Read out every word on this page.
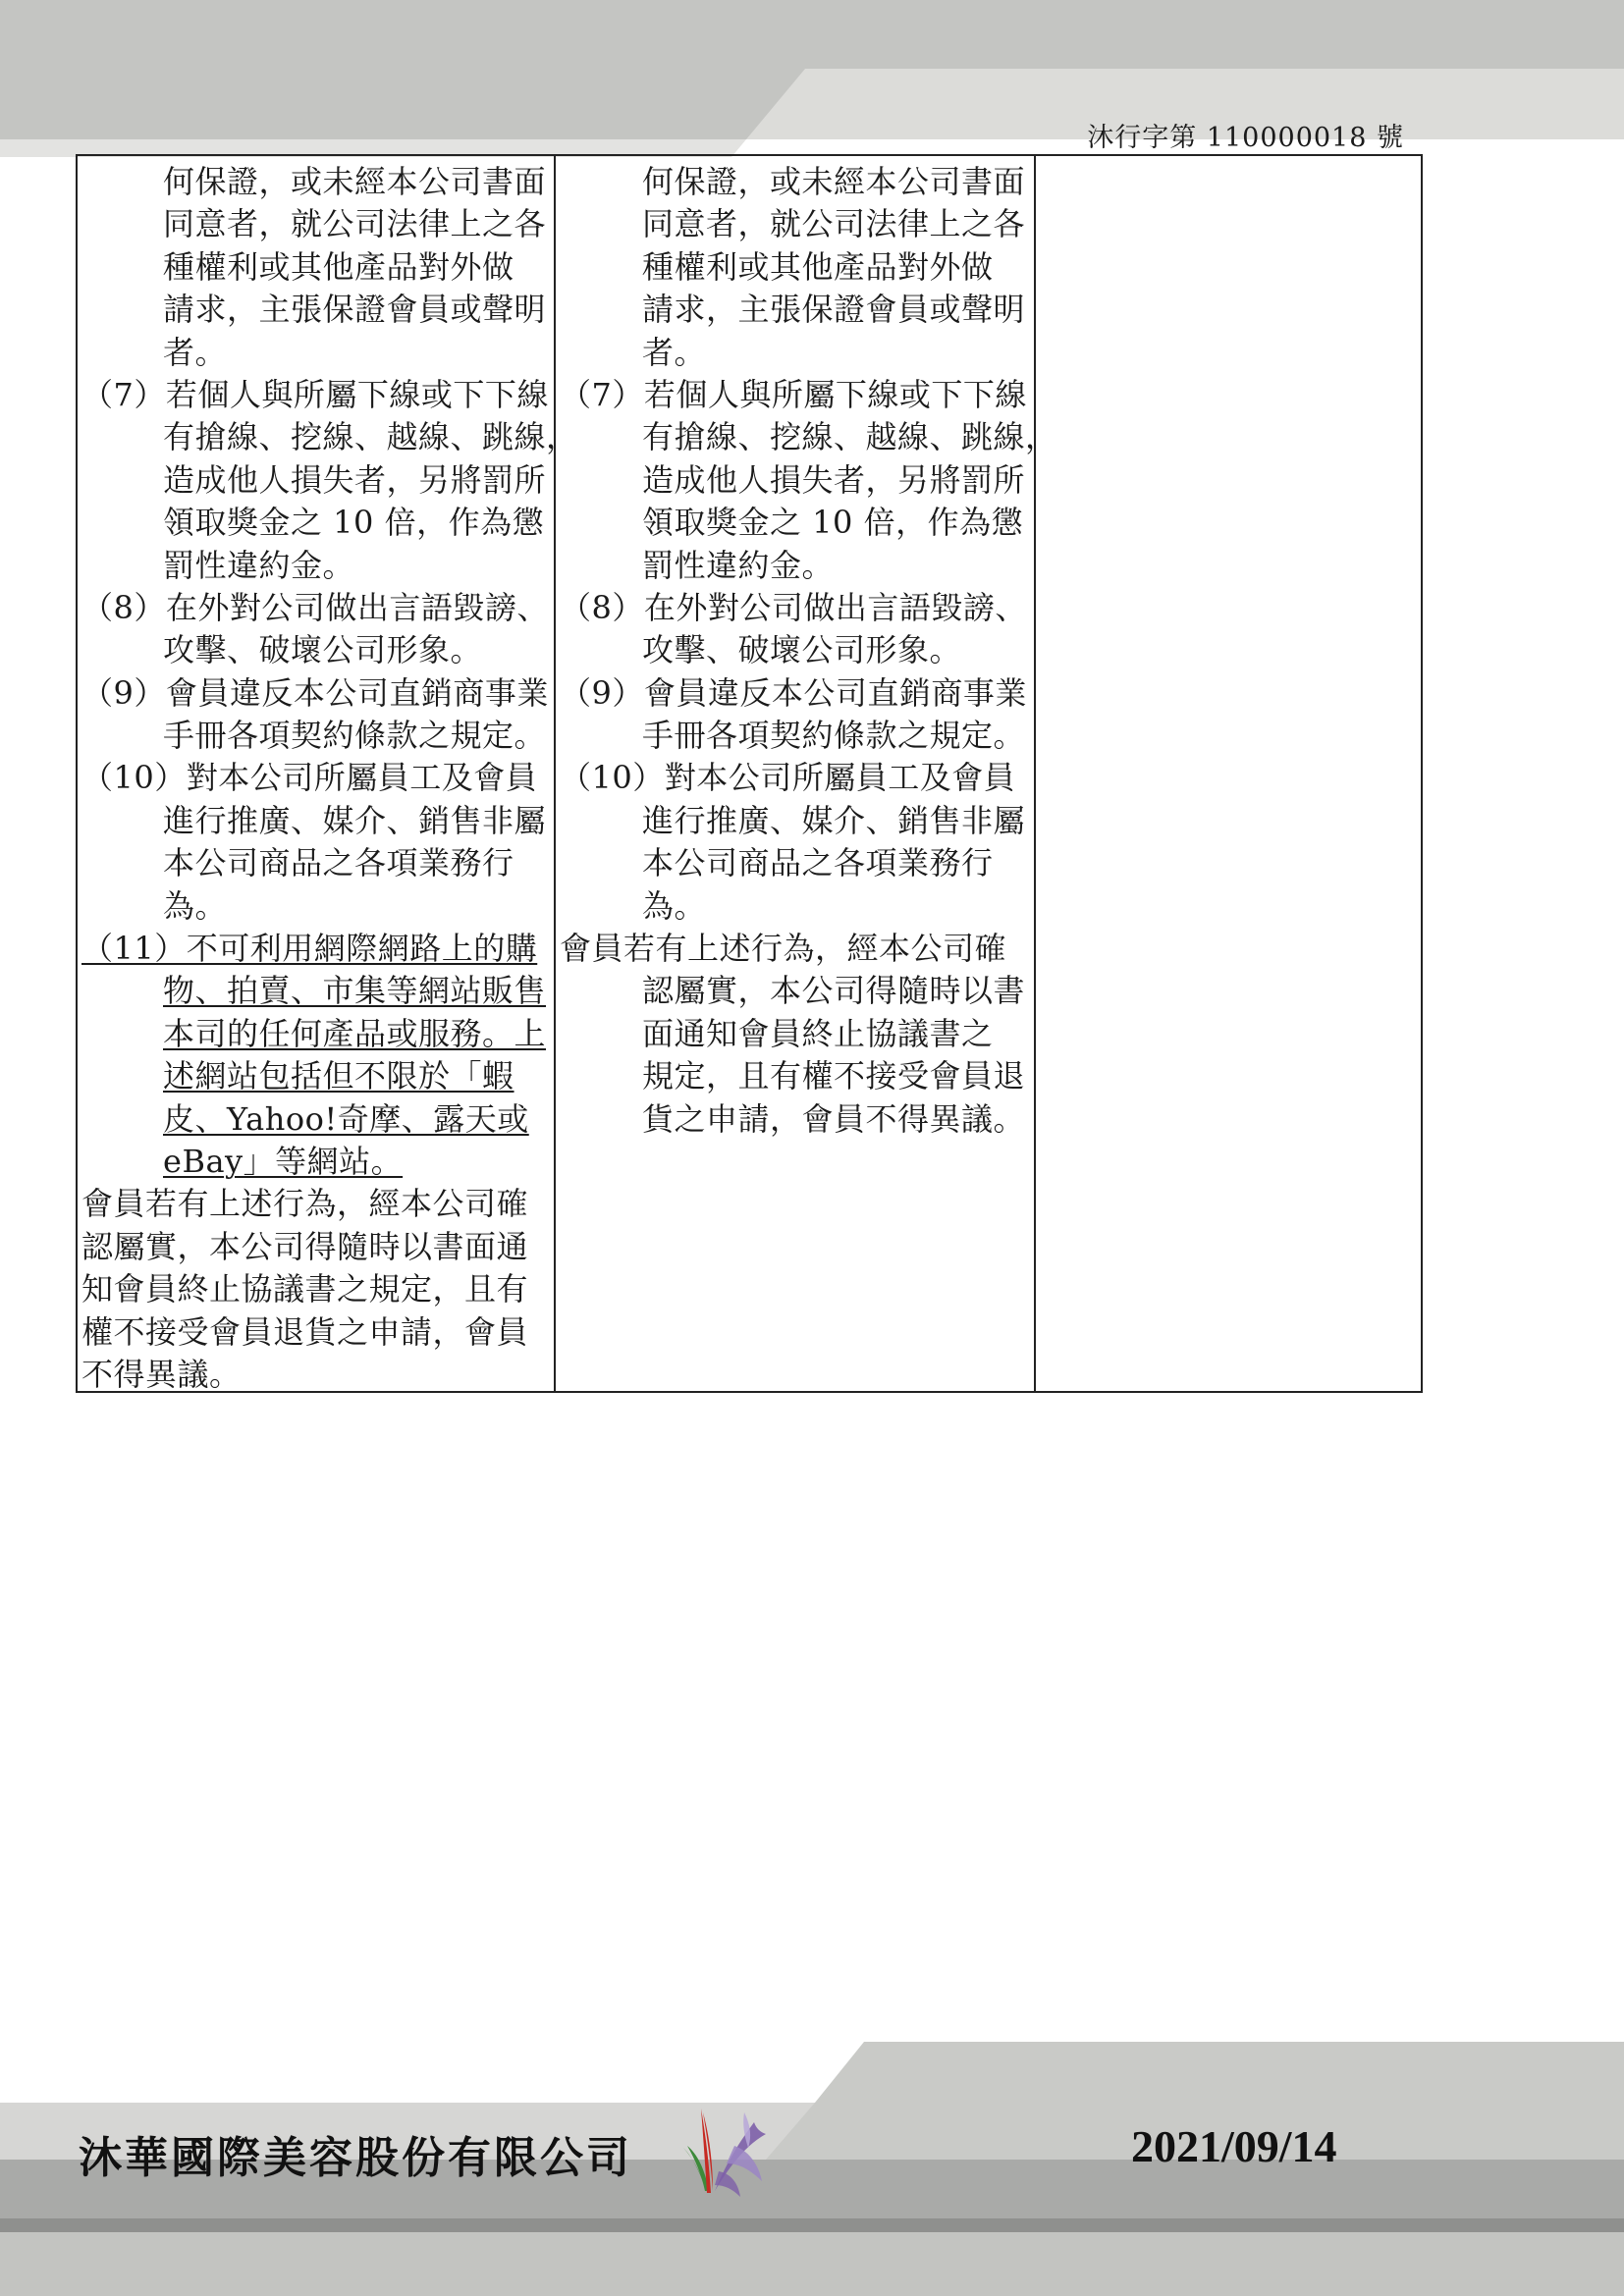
沐行字第 110000018 號
何保證，或未經本公司書面
同意者，就公司法律上之各
種權利或其他產品對外做
請求，主張保證會員或聲明
者。
（7）若個人與所屬下線或下下線
有搶線、挖線、越線、跳線，
造成他人損失者，另將罰所
領取獎金之 10 倍，作為懲
罰性違約金。
（8）在外對公司做出言語毀謗、
攻擊、破壞公司形象。
（9）會員違反本公司直銷商事業
手冊各項契約條款之規定。
（10）對本公司所屬員工及會員
進行推廣、媒介、銷售非屬
本公司商品之各項業務行
為。
（11）不可利用網際網路上的購
物、拍賣、市集等網站販售
本司的任何產品或服務。上
述網站包括但不限於「蝦
皮、Yahoo!奇摩、露天或
eBay」等網站。
會員若有上述行為，經本公司確
認屬實，本公司得隨時以書面通
知會員終止協議書之規定，且有
權不接受會員退貨之申請，會員
不得異議。
何保證，或未經本公司書面
同意者，就公司法律上之各
種權利或其他產品對外做
請求，主張保證會員或聲明
者。
（7）若個人與所屬下線或下下線
有搶線、挖線、越線、跳線，
造成他人損失者，另將罰所
領取獎金之 10 倍，作為懲
罰性違約金。
（8）在外對公司做出言語毀謗、
攻擊、破壞公司形象。
（9）會員違反本公司直銷商事業
手冊各項契約條款之規定。
（10）對本公司所屬員工及會員
進行推廣、媒介、銷售非屬
本公司商品之各項業務行
為。
會員若有上述行為，經本公司確
認屬實，本公司得隨時以書
面通知會員終止協議書之
規定，且有權不接受會員退
貨之申請，會員不得異議。
沐華國際美容股份有限公司	2021/09/14
